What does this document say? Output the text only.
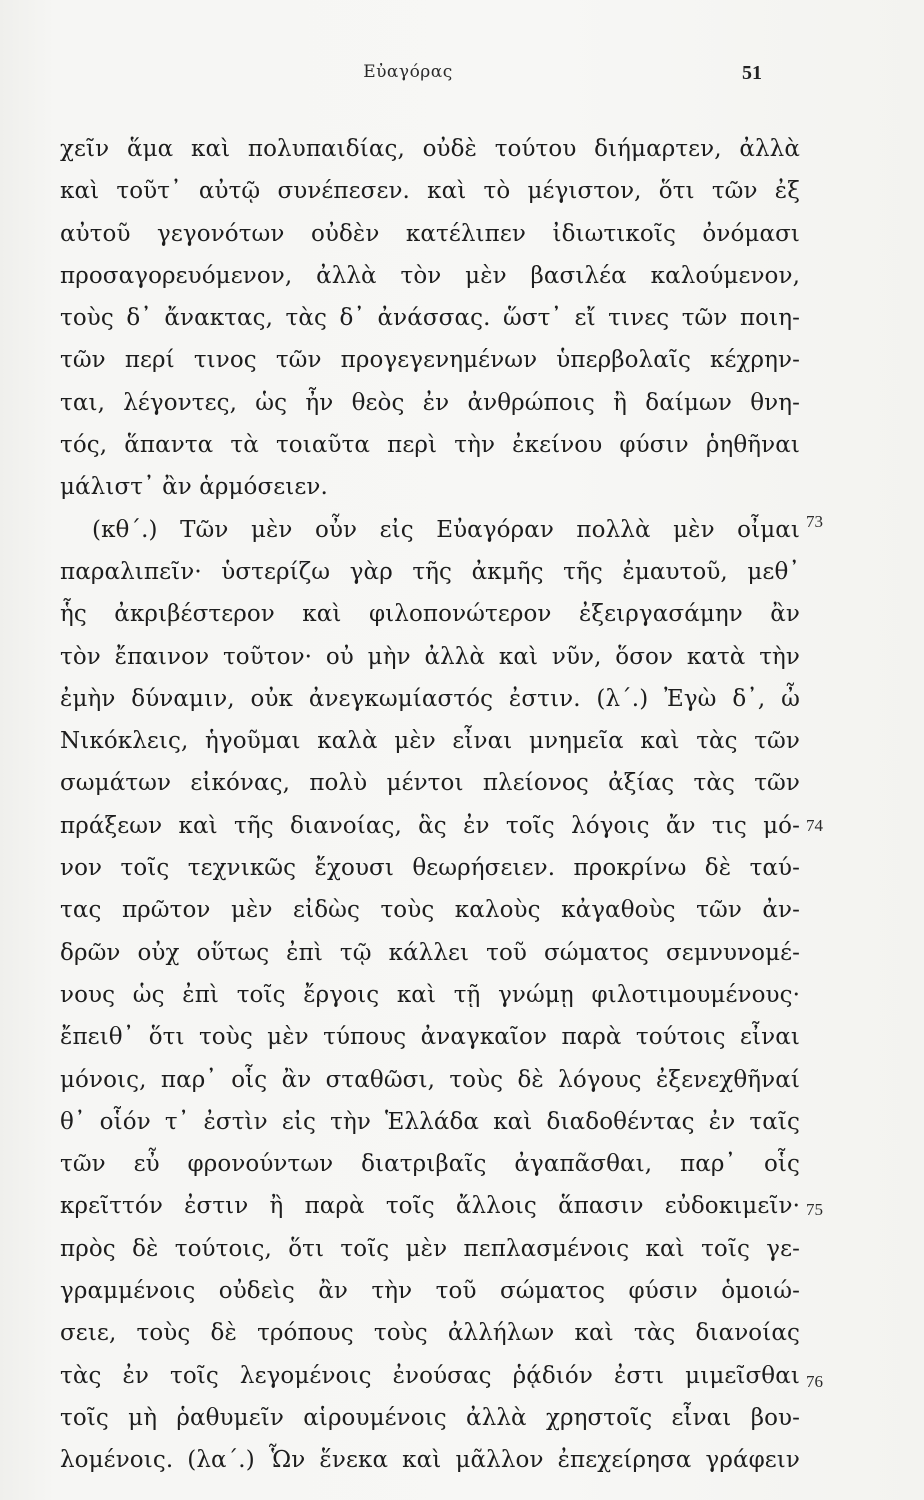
Εὐαγόρας	51
χεῖν ἅμα καὶ πολυπαιδίας, οὐδὲ τούτου διήμαρτεν, ἀλλὰ
καὶ τοῦτ᾽ αὐτῷ συνέπεσεν. καὶ τὸ μέγιστον, ὅτι τῶν ἐξ
αὐτοῦ γεγονότων οὐδὲν κατέλιπεν ἰδιωτικοῖς ὀνόμασι
προσαγορευόμενον, ἀλλὰ τὸν μὲν βασιλέα καλούμενον,
τοὺς δ᾽ ἄνακτας, τὰς δ᾽ ἀνάσσας. ὥστ᾽ εἴ τινες τῶν ποιη-
τῶν περί τινος τῶν προγεγενημένων ὑπερβολαῖς κέχρην-
ται, λέγοντες, ὡς ἦν θεὸς ἐν ἀνθρώποις ἢ δαίμων θνη-
τός, ἅπαντα τὰ τοιαῦτα περὶ τὴν ἐκείνου φύσιν ῥηθῆναι
μάλιστ᾽ ἂν ἁρμόσειεν.
(κθ΄.) Τῶν μὲν οὖν εἰς Εὐαγόραν πολλὰ μὲν οἶμαι
παραλιπεῖν· ὑστερίζω γὰρ τῆς ἀκμῆς τῆς ἐμαυτοῦ, μεθ᾽
ἧς ἀκριβέστερον καὶ φιλοπονώτερον ἐξειργασάμην ἂν
τὸν ἔπαινον τοῦτον· οὐ μὴν ἀλλὰ καὶ νῦν, ὅσον κατὰ τὴν
ἐμὴν δύναμιν, οὐκ ἀνεγκωμίαστός ἐστιν. (λ΄.) Ἐγὼ δ᾽, ὦ
Νικόκλεις, ἡγοῦμαι καλὰ μὲν εἶναι μνημεῖα καὶ τὰς τῶν
σωμάτων εἰκόνας, πολὺ μέντοι πλείονος ἀξίας τὰς τῶν
πράξεων καὶ τῆς διανοίας, ἃς ἐν τοῖς λόγοις ἄν τις μό-
νον τοῖς τεχνικῶς ἔχουσι θεωρήσειεν. προκρίνω δὲ ταύ-
τας πρῶτον μὲν εἰδὼς τοὺς καλοὺς κἀγαθοὺς τῶν ἀν-
δρῶν οὐχ οὕτως ἐπὶ τῷ κάλλει τοῦ σώματος σεμνυνομέ-
νους ὡς ἐπὶ τοῖς ἔργοις καὶ τῇ γνώμῃ φιλοτιμουμένους·
ἔπειθ᾽ ὅτι τοὺς μὲν τύπους ἀναγκαῖον παρὰ τούτοις εἶναι
μόνοις, παρ᾽ οἷς ἂν σταθῶσι, τοὺς δὲ λόγους ἐξενεχθῆναί
θ᾽ οἷόν τ᾽ ἐστὶν εἰς τὴν Ἑλλάδα καὶ διαδοθέντας ἐν ταῖς
τῶν εὖ φρονούντων διατριβαῖς ἀγαπᾶσθαι, παρ᾽ οἷς
κρεῖττόν ἐστιν ἢ παρὰ τοῖς ἄλλοις ἅπασιν εὐδοκιμεῖν·
πρὸς δὲ τούτοις, ὅτι τοῖς μὲν πεπλασμένοις καὶ τοῖς γε-
γραμμένοις οὐδεὶς ἂν τὴν τοῦ σώματος φύσιν ὁμοιώ-
σειε, τοὺς δὲ τρόπους τοὺς ἀλλήλων καὶ τὰς διανοίας
τὰς ἐν τοῖς λεγομένοις ἐνούσας ῥᾴδιόν ἐστι μιμεῖσθαι
τοῖς μὴ ῥαθυμεῖν αἱρουμένοις ἀλλὰ χρηστοῖς εἶναι βου-
λομένοις. (λα΄.) Ὧν ἕνεκα καὶ μᾶλλον ἐπεχείρησα γράφειν
73
74
75
76
